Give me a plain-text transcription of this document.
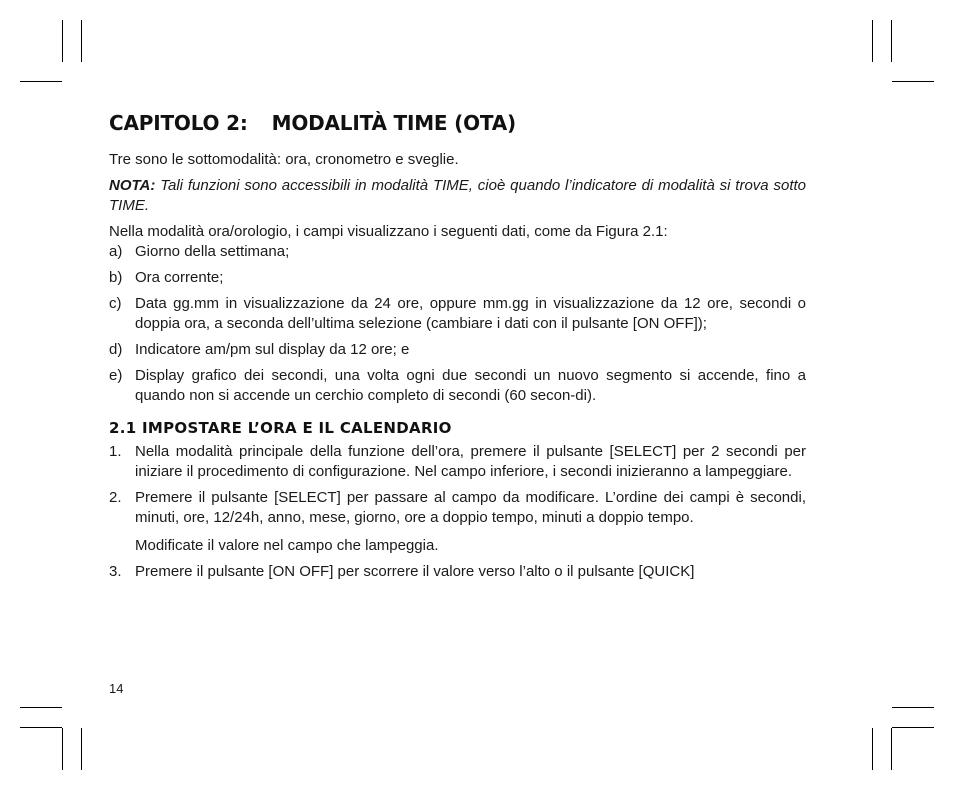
CAPITOLO 2: MODALITÀ TIME (OTA)

Tre sono le sottomodalità: ora, cronometro e sveglie.

NOTA: Tali funzioni sono accessibili in modalità TIME, cioè quando l’indicatore di modalità si trova sotto TIME.

Nella modalità ora/orologio, i campi visualizzano i seguenti dati, come da Figura 2.1:

a) Giorno della settimana;
b) Ora corrente;
c) Data gg.mm in visualizzazione da 24 ore, oppure mm.gg in visualizzazione da 12 ore, secondi o doppia ora, a seconda dell’ultima selezione (cambiare i dati con il pulsante [ON OFF]);
d) Indicatore am/pm sul display da 12 ore; e
e) Display grafico dei secondi, una volta ogni due secondi un nuovo segmento si accende, fino a quando non si accende un cerchio completo di secondi (60 secon-di).
2.1 IMPOSTARE L’ORA E IL CALENDARIO
1. Nella modalità principale della funzione dell’ora, premere il pulsante [SELECT] per 2 secondi per iniziare il procedimento di configurazione. Nel campo inferiore, i secondi inizieranno a lampeggiare.
2. Premere il pulsante [SELECT] per passare al campo da modificare. L’ordine dei campi è secondi, minuti, ore, 12/24h, anno, mese, giorno, ore a doppio tempo, minuti a doppio tempo.

Modificate il valore nel campo che lampeggia.

3. Premere il pulsante [ON OFF] per scorrere il valore verso l’alto o il pulsante [QUICK]
14
